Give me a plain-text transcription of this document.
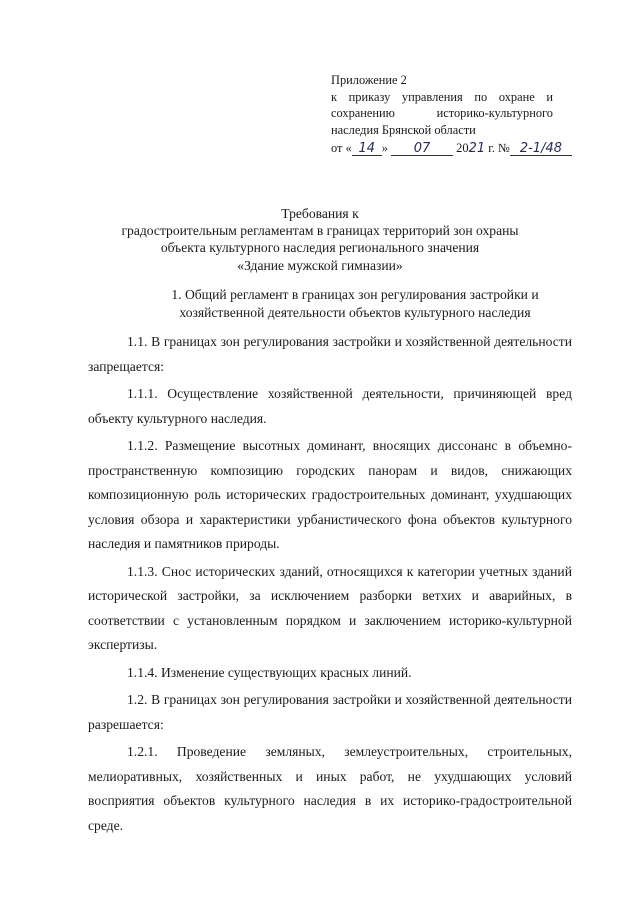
Приложение 2
к приказу управления по охране и
сохранению историко-культурного
наследия Брянской области
от « 14 » 07 2021 г. № 2-1/48
Требования к
градостроительным регламентам в границах территорий зон охраны
объекта культурного наследия регионального значения
«Здание мужской гимназии»
1. Общий регламент в границах зон регулирования застройки и
хозяйственной деятельности объектов культурного наследия

1.1. В границах зон регулирования застройки и хозяйственной деятельности запрещается:

1.1.1. Осуществление хозяйственной деятельности, причиняющей вред объекту культурного наследия.

1.1.2. Размещение высотных доминант, вносящих диссонанс в объемно-пространственную композицию городских панорам и видов, снижающих композиционную роль исторических градостроительных доминант, ухудшающих условия обзора и характеристики урбанистического фона объектов культурного наследия и памятников природы.

1.1.3. Снос исторических зданий, относящихся к категории учетных зданий исторической застройки, за исключением разборки ветхих и аварийных, в соответствии с установленным порядком и заключением историко-культурной экспертизы.

1.1.4. Изменение существующих красных линий.

1.2. В границах зон регулирования застройки и хозяйственной деятельности разрешается:

1.2.1. Проведение земляных, землеустроительных, строительных, мелиоративных, хозяйственных и иных работ, не ухудшающих условий восприятия объектов культурного наследия в их историко-градостроительной среде.
